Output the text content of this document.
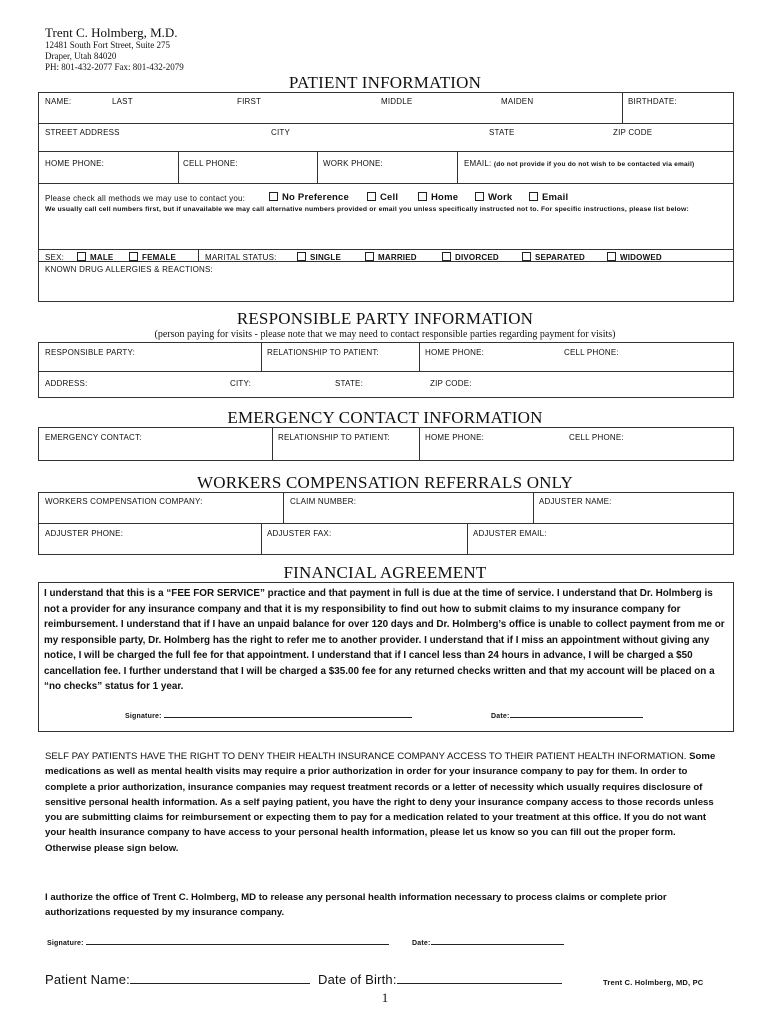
Trent C. Holmberg, M.D.
12481 South Fort Street, Suite 275
Draper, Utah 84020
PH: 801-432-2077 Fax: 801-432-2079
PATIENT INFORMATION
NAME:	LAST	FIRST	MIDDLE	MAIDEN	BIRTHDATE:
STREET ADDRESS	CITY	STATE	ZIP CODE
HOME PHONE:	CELL PHONE:	WORK PHONE:	EMAIL: (do not provide if you do not wish to be contacted via email)
Please check all methods we may use to contact you:	No Preference	Cell	Home	Work	Email
We usually call cell numbers first, but if unavailable we may call alternative numbers provided or email you unless specifically instructed not to. For specific instructions, please list below:
SEX:	MALE	FEMALE	MARITAL STATUS:	SINGLE	MARRIED	DIVORCED	SEPARATED	WIDOWED
KNOWN DRUG ALLERGIES & REACTIONS:
RESPONSIBLE PARTY INFORMATION
(person paying for visits - please note that we may need to contact responsible parties regarding payment for visits)
RESPONSIBLE PARTY:	RELATIONSHIP TO PATIENT:	HOME PHONE:	CELL PHONE:
ADDRESS:	CITY:	STATE:	ZIP CODE:
EMERGENCY CONTACT INFORMATION
EMERGENCY CONTACT:	RELATIONSHIP TO PATIENT:	HOME PHONE:	CELL PHONE:
WORKERS COMPENSATION REFERRALS ONLY
WORKERS COMPENSATION COMPANY:	CLAIM NUMBER:	ADJUSTER NAME:
ADJUSTER PHONE:	ADJUSTER FAX:	ADJUSTER EMAIL:
FINANCIAL AGREEMENT
I understand that this is a “FEE FOR SERVICE” practice and that payment in full is due at the time of service. I understand that Dr. Holmberg is not a provider for any insurance company and that it is my responsibility to find out how to submit claims to my insurance company for reimbursement. I understand that if I have an unpaid balance for over 120 days and Dr. Holmberg’s office is unable to collect payment from me or my responsible party, Dr. Holmberg has the right to refer me to another provider. I understand that if I miss an appointment without giving any notice, I will be charged the full fee for that appointment. I understand that if I cancel less than 24 hours in advance, I will be charged a $50 cancellation fee. I further understand that I will be charged a $35.00 fee for any returned checks written and that my account will be placed on a “no checks” status for 1 year.
Signature:	Date:
SELF PAY PATIENTS HAVE THE RIGHT TO DENY THEIR HEALTH INSURANCE COMPANY ACCESS TO THEIR PATIENT HEALTH INFORMATION. Some medications as well as mental health visits may require a prior authorization in order for your insurance company to pay for them. In order to complete a prior authorization, insurance companies may request treatment records or a letter of necessity which usually requires disclosure of sensitive personal health information. As a self paying patient, you have the right to deny your insurance company access to those records unless you are submitting claims for reimbursement or expecting them to pay for a medication related to your treatment at this office. If you do not want your health insurance company to have access to your personal health information, please let us know so you can fill out the proper form. Otherwise please sign below.
I authorize the office of Trent C. Holmberg, MD to release any personal health information necessary to process claims or complete prior authorizations requested by my insurance company.
Signature:	Date:
Patient Name:	Date of Birth:	Trent C. Holmberg, MD, PC
1
